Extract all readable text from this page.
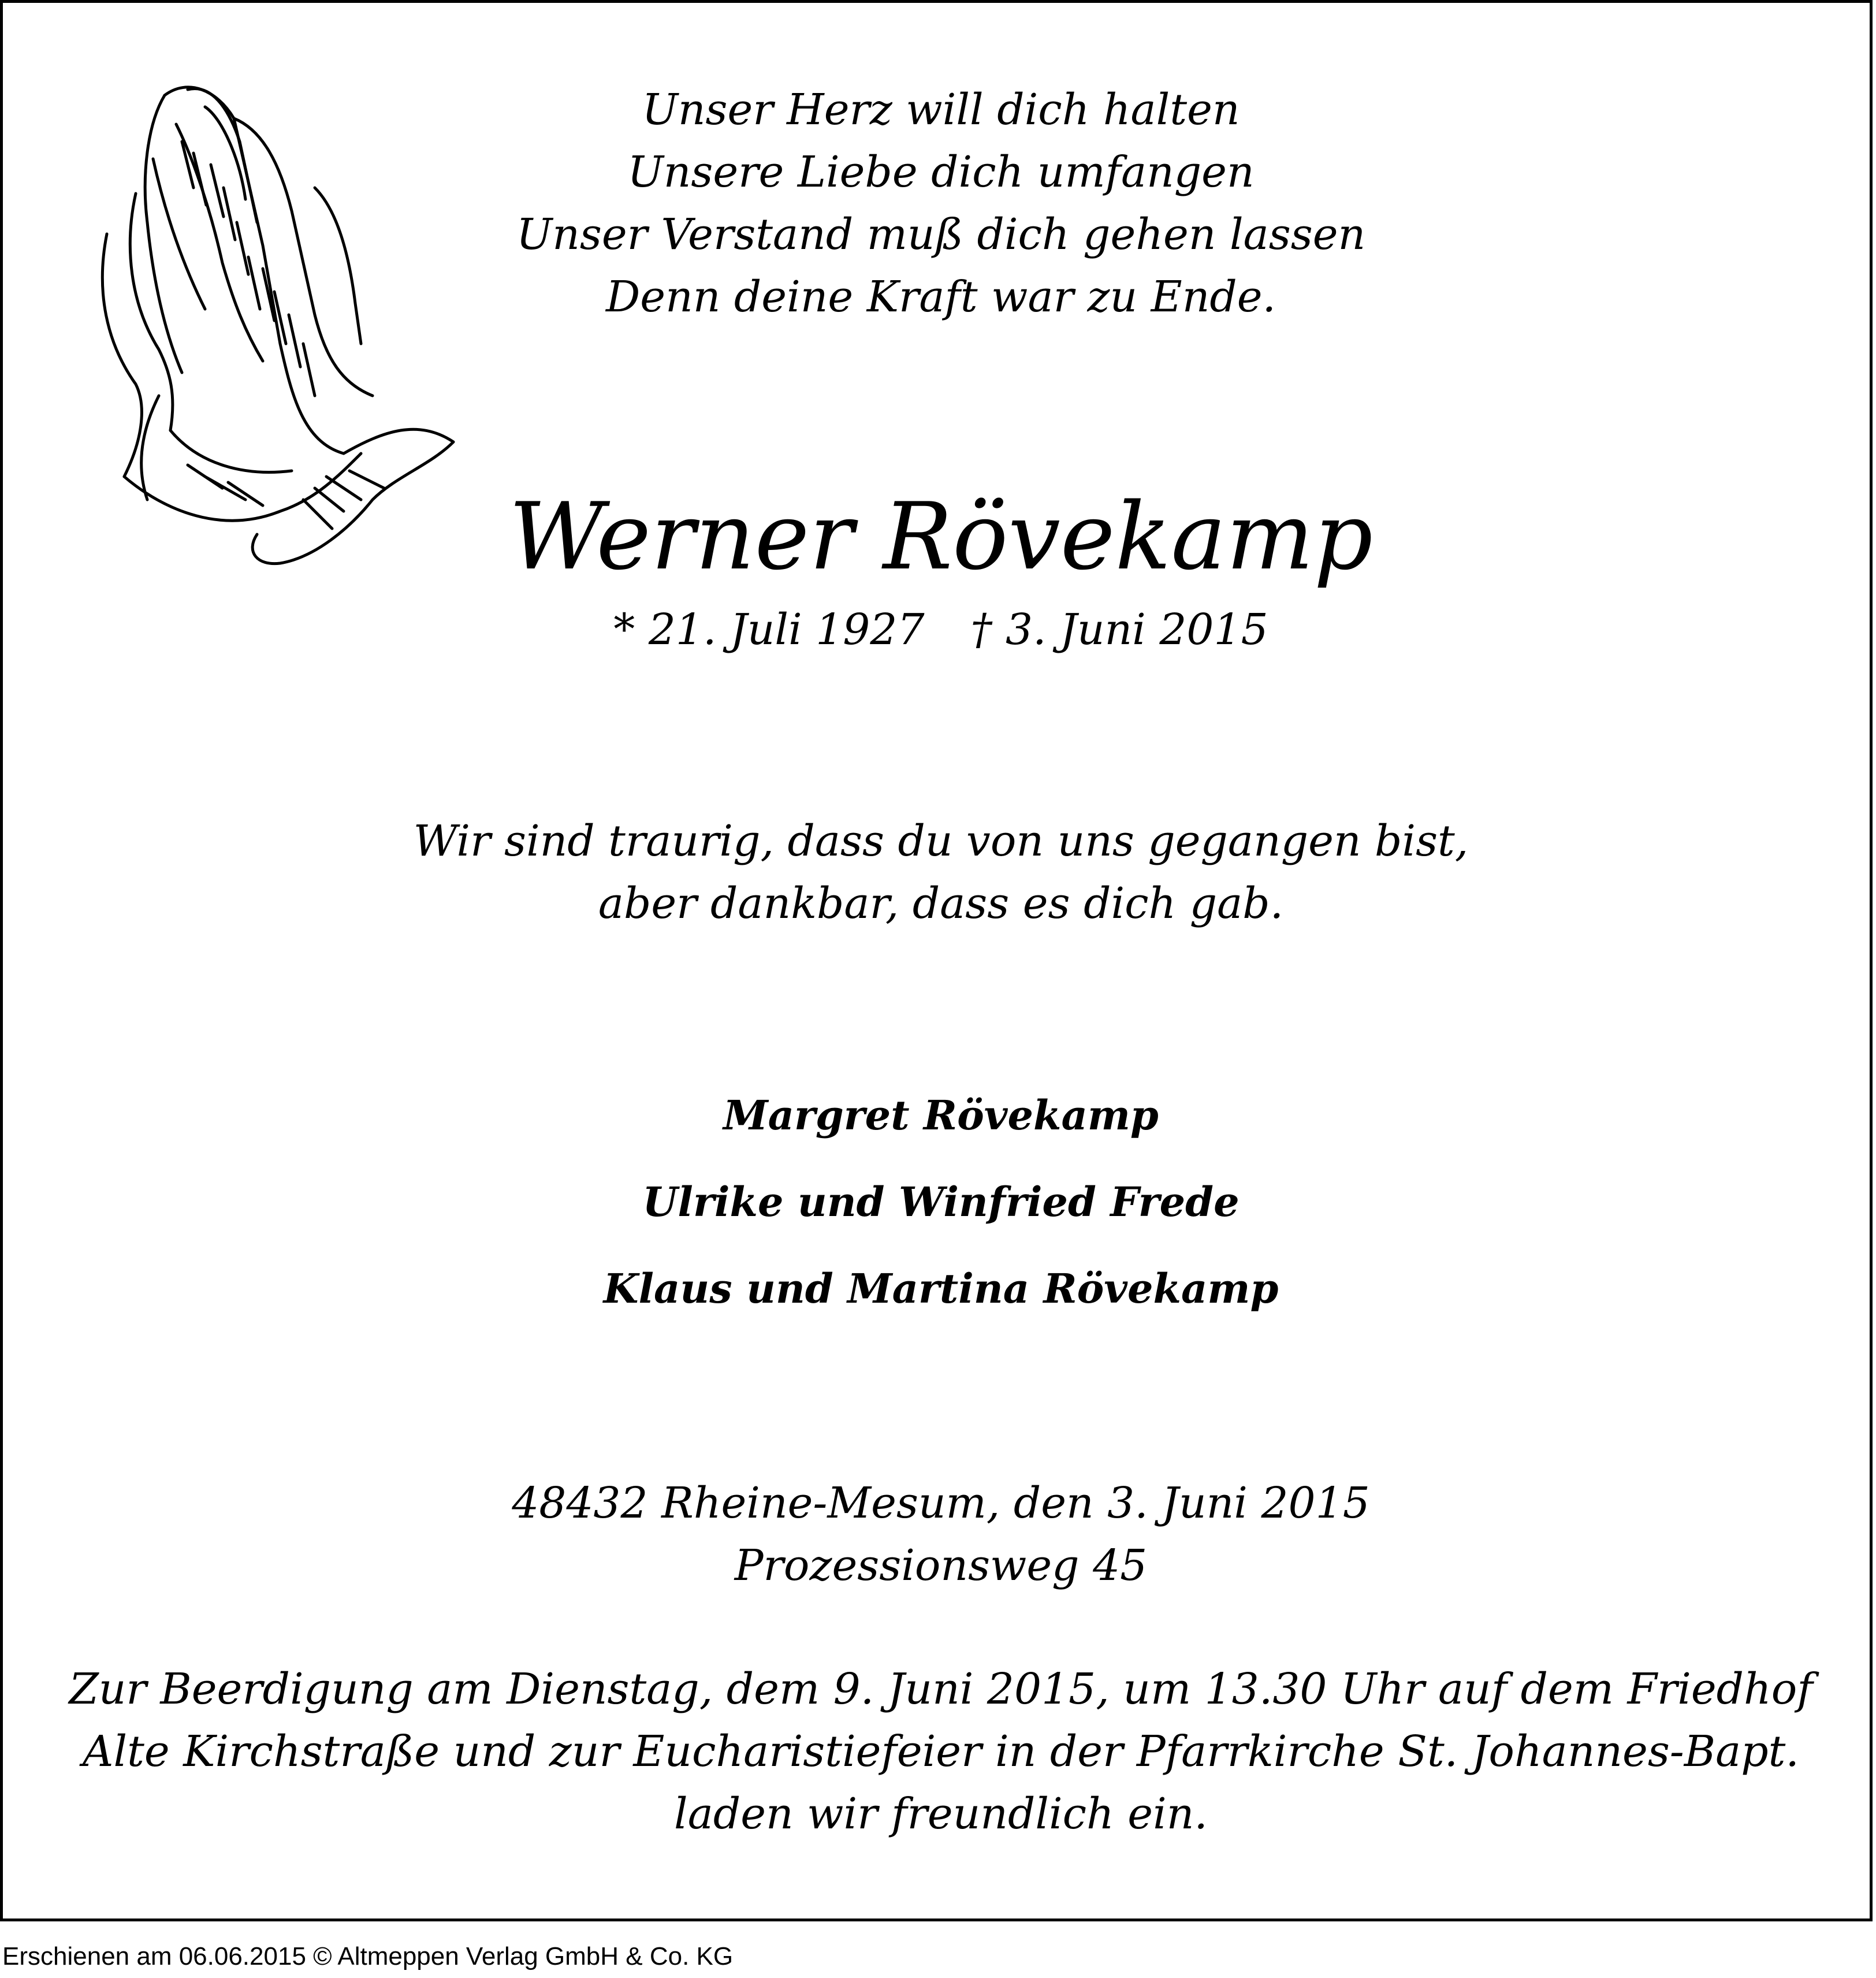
Unser Herz will dich halten
Unsere Liebe dich umfangen
Unser Verstand muß dich gehen lassen
Denn deine Kraft war zu Ende.
Werner Rövekamp
* 21. Juli 1927 † 3. Juni 2015
Wir sind traurig, dass du von uns gegangen bist,
aber dankbar, dass es dich gab.
Margret Rövekamp
Ulrike und Winfried Frede
Klaus und Martina Rövekamp
48432 Rheine-Mesum, den 3. Juni 2015
Prozessionsweg 45
Zur Beerdigung am Dienstag, dem 9. Juni 2015, um 13.30 Uhr auf dem Friedhof
Alte Kirchstraße und zur Eucharistiefeier in der Pfarrkirche St. Johannes-Bapt.
laden wir freundlich ein.
Erschienen am 06.06.2015 © Altmeppen Verlag GmbH & Co. KG
